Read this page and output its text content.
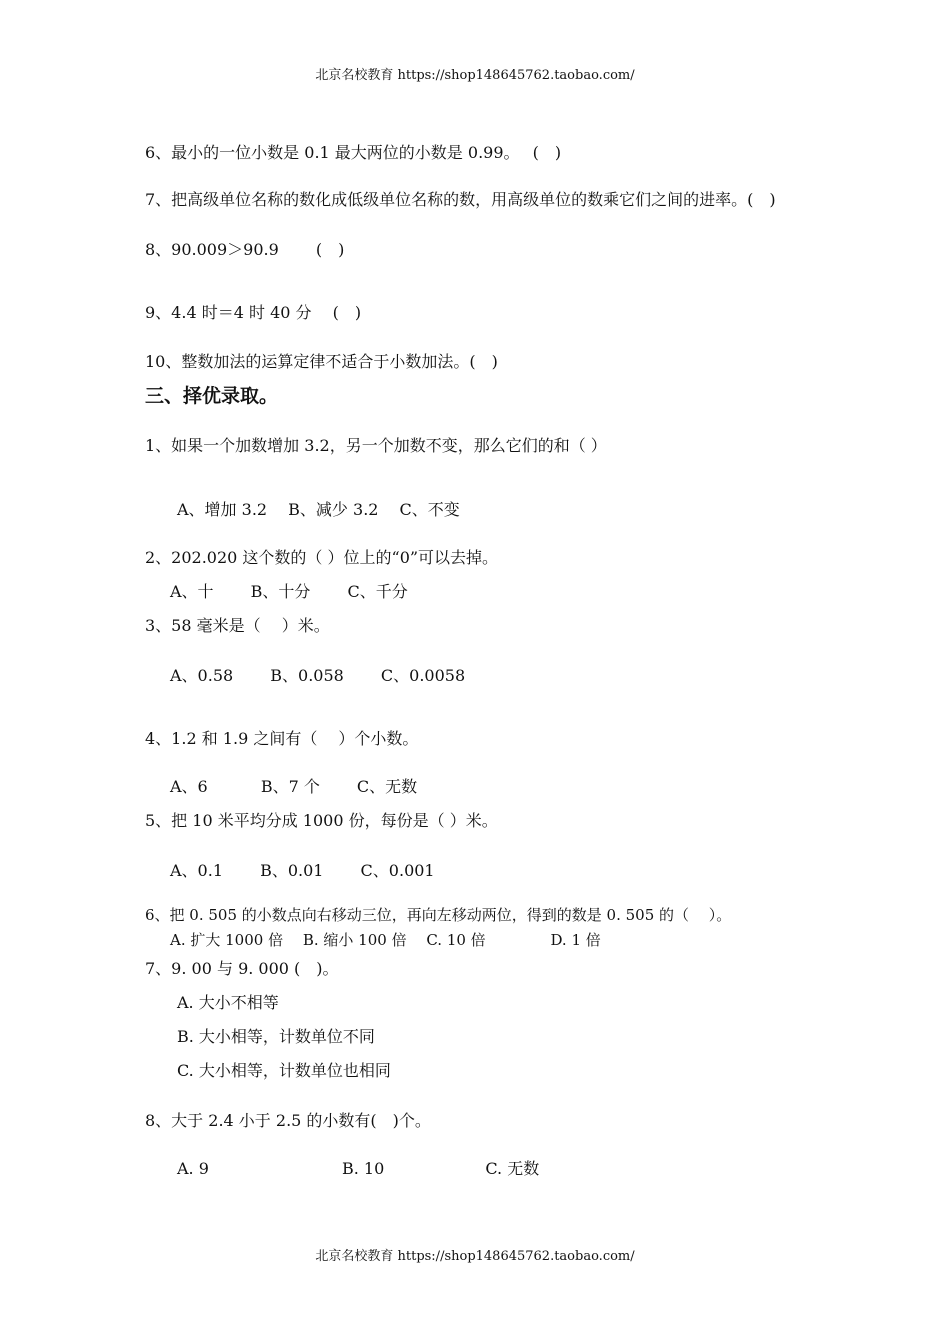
北京名校教育 https://shop148645762.taobao.com/
6、最小的一位小数是 0.1 最大两位的小数是 0.99。　 (　)
7、把高级单位名称的数化成低级单位名称的数，用高级单位的数乘它们之间的进率。(　)
8、90.009＞90.9　　 (　)
9、4.4 时＝4 时 40 分　 (　)
10、整数加法的运算定律不适合于小数加法。(　)
三、择优录取。
1、如果一个加数增加 3.2，另一个加数不变，那么它们的和（ ）
A、增加 3.2　 B、减少 3.2　 C、不变
2、202.020 这个数的（ ）位上的“0”可以去掉。
A、十　　 B、十分　　 C、千分
3、58 毫米是（　 ）米。
A、0.58　　 B、0.058　　 C、0.0058
4、1.2 和 1.9 之间有（　 ）个小数。
A、6　　　 B、7 个　　 C、无数
5、把 10 米平均分成 1000 份，每份是（ ）米。
A、0.1　　 B、0.01　　 C、0.001
6、把 0. 505 的小数点向右移动三位，再向左移动两位，得到的数是 0. 505 的（　 ）。
A. 扩大 1000 倍　 B. 缩小 100 倍　 C. 10 倍　　　　 D. 1 倍
7、9. 00 与 9. 000 (　)。
A. 大小不相等
B. 大小相等，计数单位不同
C. 大小相等，计数单位也相同
8、大于 2.4 小于 2.5 的小数有(　)个。
A. 9　　　　　　　　 B. 10　　　　　　 C. 无数
北京名校教育 https://shop148645762.taobao.com/
